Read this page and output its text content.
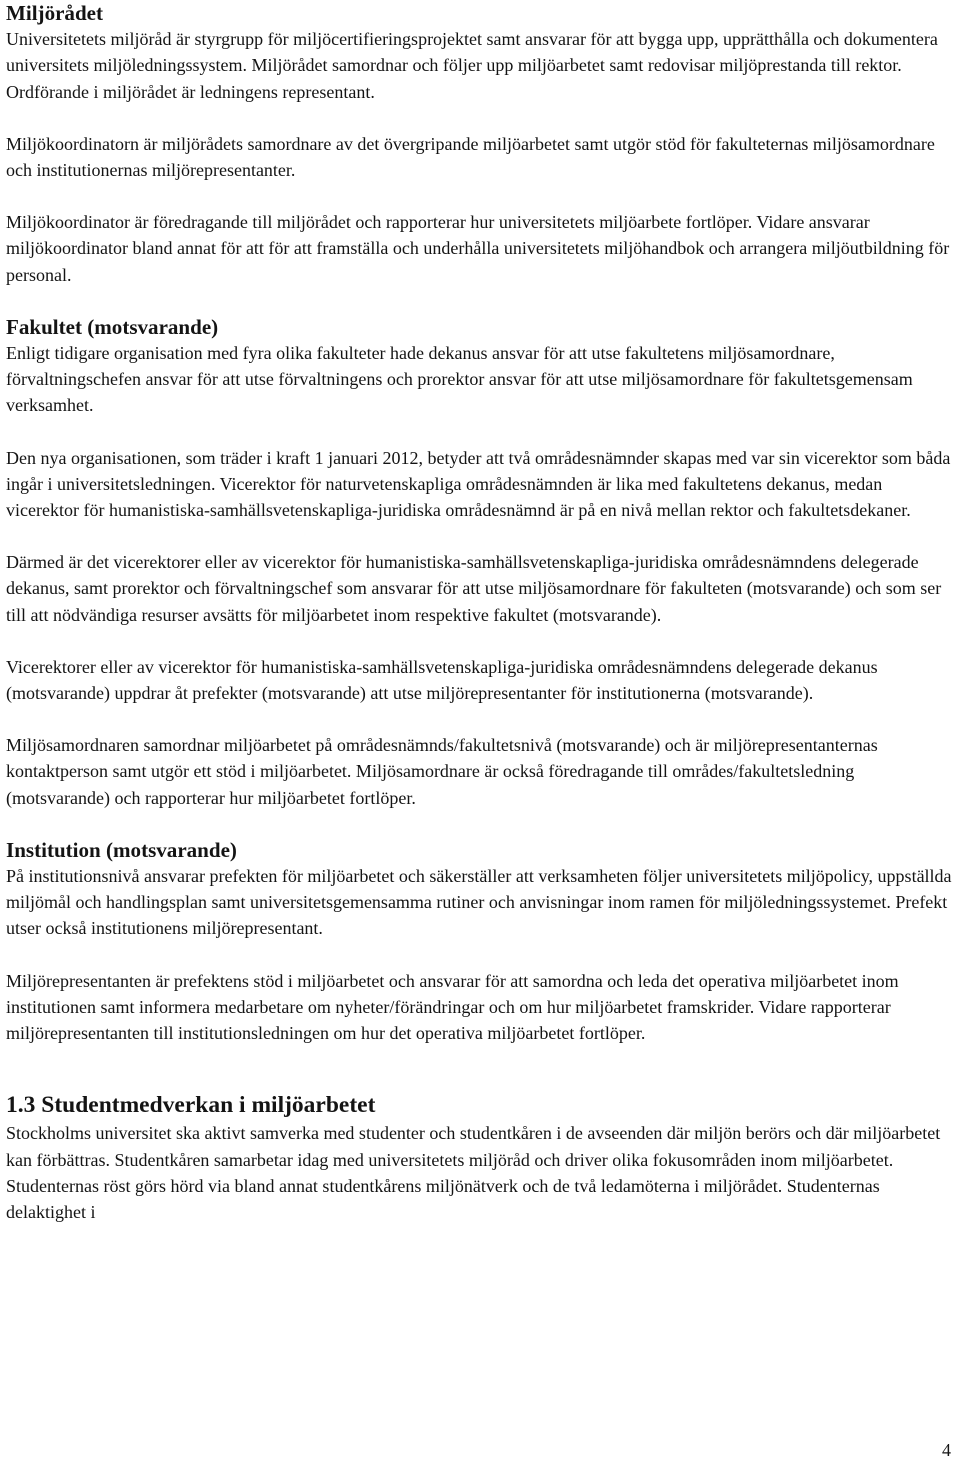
Miljörådet

Universitetets miljöråd är styrgrupp för miljöcertifieringsprojektet samt ansvarar för att bygga upp, upprätthålla och dokumentera universitets miljöledningssystem. Miljörådet samordnar och följer upp miljöarbetet samt redovisar miljöprestanda till rektor. Ordförande i miljörådet är ledningens representant.

Miljökoordinatorn är miljörådets samordnare av det övergripande miljöarbetet samt utgör stöd för fakulteternas miljösamordnare och institutionernas miljörepresentanter.

Miljökoordinator är föredragande till miljörådet och rapporterar hur universitetets miljöarbete fortlöper. Vidare ansvarar miljökoordinator bland annat för att för att framställa och underhålla universitetets miljöhandbok och arrangera miljöutbildning för personal.

Fakultet (motsvarande)

Enligt tidigare organisation med fyra olika fakulteter hade dekanus ansvar för att utse fakultetens miljösamordnare, förvaltningschefen ansvar för att utse förvaltningens och prorektor ansvar för att utse miljösamordnare för fakultetsgemensam verksamhet.

Den nya organisationen, som träder i kraft 1 januari 2012, betyder att två områdesnämnder skapas med var sin vicerektor som båda ingår i universitetsledningen. Vicerektor för naturvetenskapliga områdesnämnden är lika med fakultetens dekanus, medan vicerektor för humanistiska-samhällsvetenskapliga-juridiska områdesnämnd är på en nivå mellan rektor och fakultetsdekaner.

Därmed är det vicerektorer eller av vicerektor för humanistiska-samhällsvetenskapliga-juridiska områdesnämndens delegerade dekanus, samt prorektor och förvaltningschef som ansvarar för att utse miljösamordnare för fakulteten (motsvarande) och som ser till att nödvändiga resurser avsätts för miljöarbetet inom respektive fakultet (motsvarande).

Vicerektorer eller av vicerektor för humanistiska-samhällsvetenskapliga-juridiska områdesnämndens delegerade dekanus (motsvarande) uppdrar åt prefekter (motsvarande) att utse miljörepresentanter för institutionerna (motsvarande).

Miljösamordnaren samordnar miljöarbetet på områdesnämnds/fakultetsnivå (motsvarande) och är miljörepresentanternas kontaktperson samt utgör ett stöd i miljöarbetet. Miljösamordnare är också föredragande till områdes/fakultetsledning (motsvarande) och rapporterar hur miljöarbetet fortlöper.

Institution (motsvarande)

På institutionsnivå ansvarar prefekten för miljöarbetet och säkerställer att verksamheten följer universitetets miljöpolicy, uppställda miljömål och handlingsplan samt universitetsgemensamma rutiner och anvisningar inom ramen för miljöledningssystemet. Prefekt utser också institutionens miljörepresentant.

Miljörepresentanten är prefektens stöd i miljöarbetet och ansvarar för att samordna och leda det operativa miljöarbetet inom institutionen samt informera medarbetare om nyheter/förändringar och om hur miljöarbetet framskrider. Vidare rapporterar miljörepresentanten till institutionsledningen om hur det operativa miljöarbetet fortlöper.

1.3 Studentmedverkan i miljöarbetet

Stockholms universitet ska aktivt samverka med studenter och studentkåren i de avseenden där miljön berörs och där miljöarbetet kan förbättras. Studentkåren samarbetar idag med universitetets miljöråd och driver olika fokusområden inom miljöarbetet. Studenternas röst görs hörd via bland annat studentkårens miljönätverk och de två ledamöterna i miljörådet. Studenternas delaktighet i

4
